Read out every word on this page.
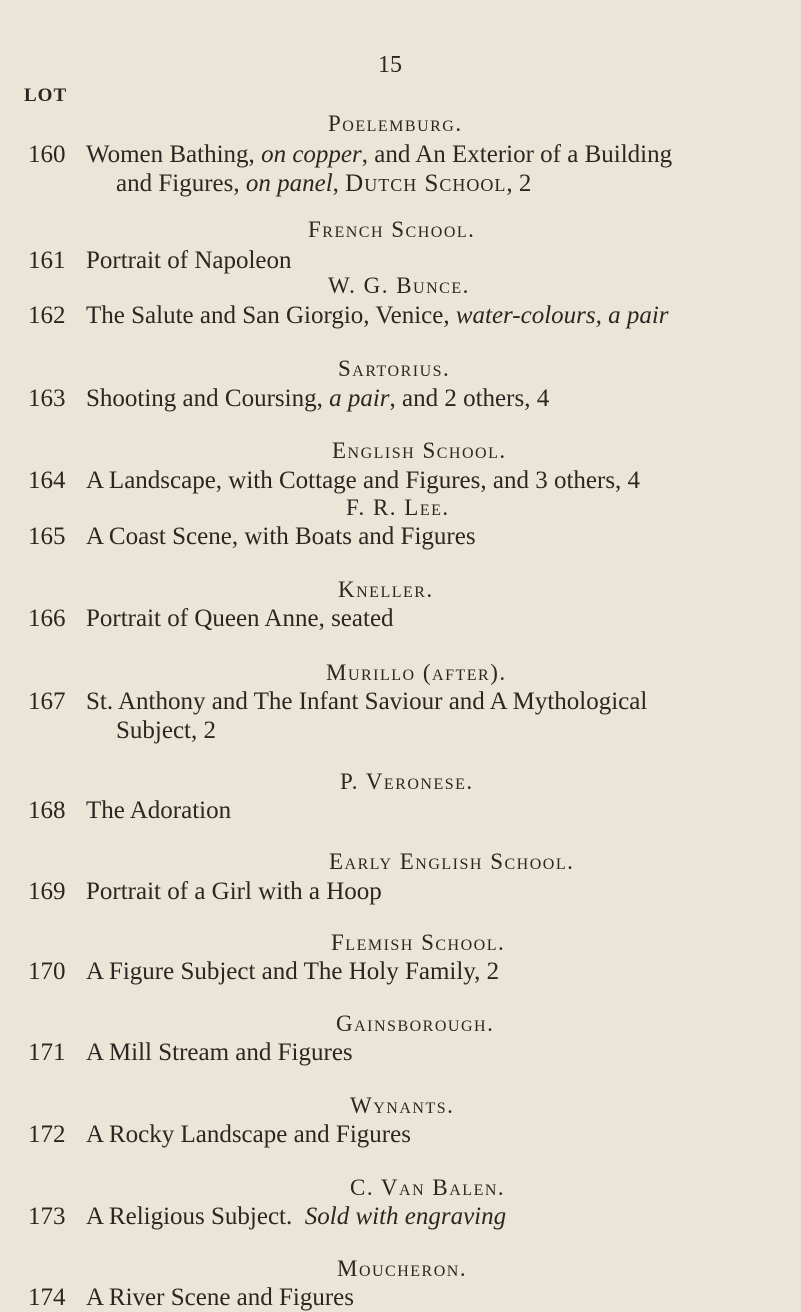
15
LOT
Poelemburg.
160 Women Bathing, on copper, and An Exterior of a Building
and Figures, on panel, Dutch School, 2
French School.
161 Portrait of Napoleon
W. G. Bunce.
162 The Salute and San Giorgio, Venice, water-colours, a pair
Sartorius.
163 Shooting and Coursing, a pair, and 2 others, 4
English School.
164 A Landscape, with Cottage and Figures, and 3 others, 4
F. R. Lee.
165 A Coast Scene, with Boats and Figures
Kneller.
166 Portrait of Queen Anne, seated
Murillo (after).
167 St. Anthony and The Infant Saviour and A Mythological
Subject, 2
P. Veronese.
168 The Adoration
Early English School.
169 Portrait of a Girl with a Hoop
Flemish School.
170 A Figure Subject and The Holy Family, 2
Gainsborough.
171 A Mill Stream and Figures
Wynants.
172 A Rocky Landscape and Figures
C. Van Balen.
173 A Religious Subject.  Sold with engraving
Moucheron.
174 A River Scene and Figures
